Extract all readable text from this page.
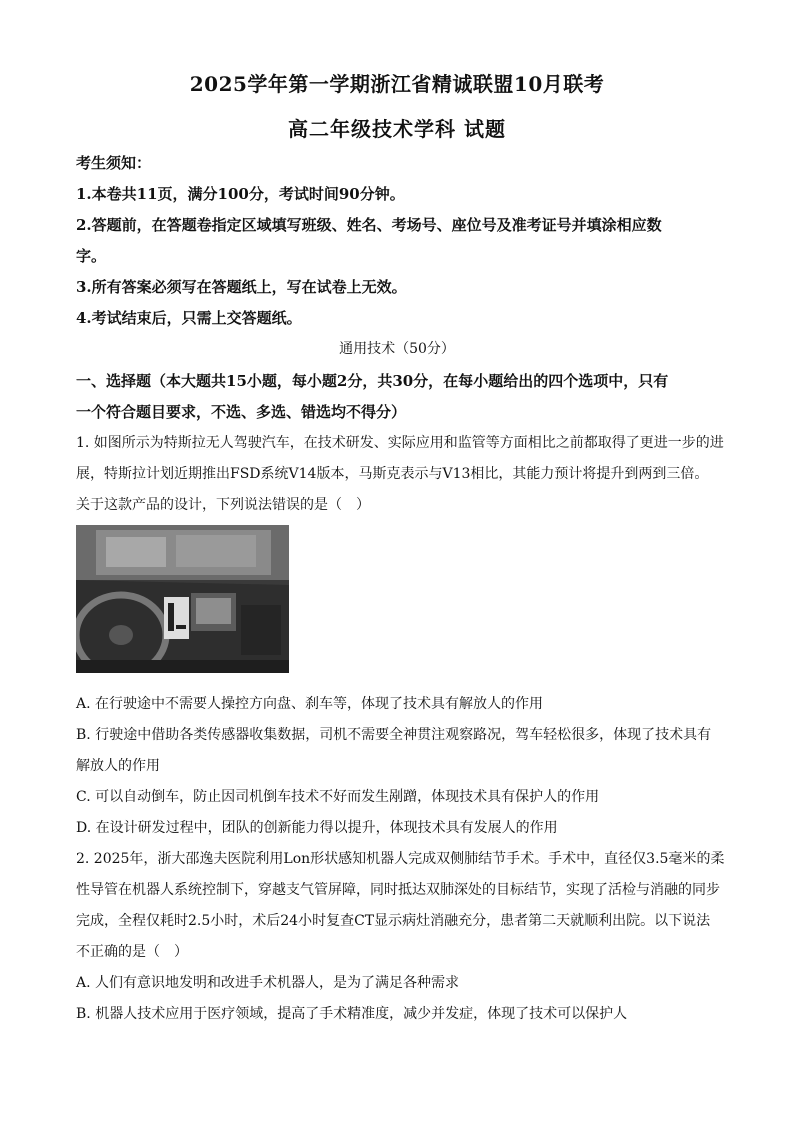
2025学年第一学期浙江省精诚联盟10月联考
高二年级技术学科 试题
考生须知：
1.本卷共11页，满分100分，考试时间90分钟。
2.答题前，在答题卷指定区域填写班级、姓名、考场号、座位号及准考证号并填涂相应数
字。
3.所有答案必须写在答题纸上，写在试卷上无效。
4.考试结束后，只需上交答题纸。
通用技术（50分）
一、选择题（本大题共15小题，每小题2分，共30分，在每小题给出的四个选项中，只有
一个符合题目要求，不选、多选、错选均不得分）
1. 如图所示为特斯拉无人驾驶汽车，在技术研发、实际应用和监管等方面相比之前都取得了更进一步的进
展，特斯拉计划近期推出FSD系统V14版本，马斯克表示与V13相比，其能力预计将提升到两到三倍。
关于这款产品的设计，下列说法错误的是（　）
A. 在行驶途中不需要人操控方向盘、刹车等，体现了技术具有解放人的作用
B. 行驶途中借助各类传感器收集数据，司机不需要全神贯注观察路况，驾车轻松很多，体现了技术具有
解放人的作用
C. 可以自动倒车，防止因司机倒车技术不好而发生剐蹭，体现技术具有保护人的作用
D. 在设计研发过程中，团队的创新能力得以提升，体现技术具有发展人的作用
2. 2025年，浙大邵逸夫医院利用Lon形状感知机器人完成双侧肺结节手术。手术中，直径仅3.5毫米的柔
性导管在机器人系统控制下，穿越支气管屏障，同时抵达双肺深处的目标结节，实现了活检与消融的同步
完成，全程仅耗时2.5小时，术后24小时复查CT显示病灶消融充分，患者第二天就顺利出院。以下说法
不正确的是（　）
A. 人们有意识地发明和改进手术机器人，是为了满足各种需求
B. 机器人技术应用于医疗领域，提高了手术精准度，减少并发症，体现了技术可以保护人
